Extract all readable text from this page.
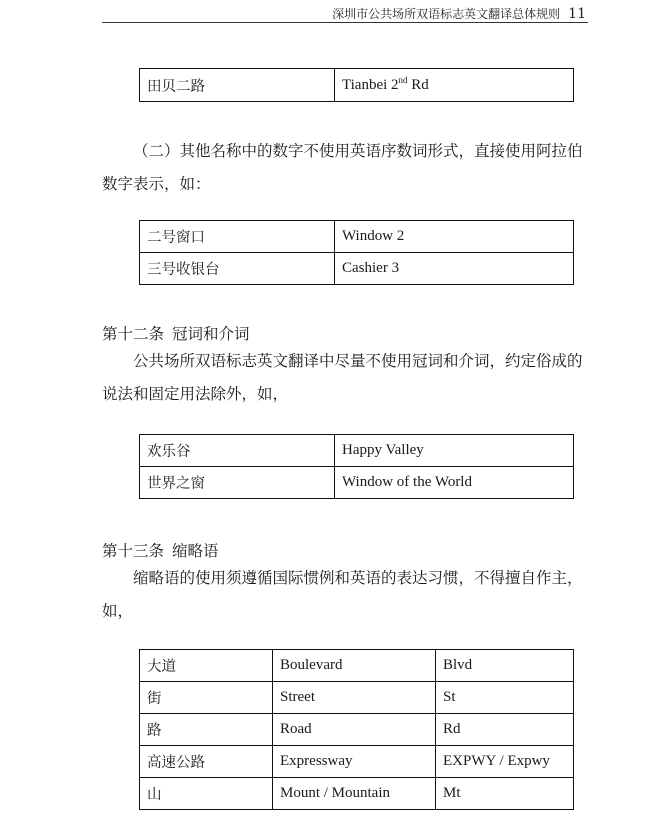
深圳市公共场所双语标志英文翻译总体规则 11
田贝二路	Tianbei 2nd Rd

（二）其他名称中的数字不使用英语序数词形式，直接使用阿拉伯数字表示，如：

二号窗口	Window 2
三号收银台	Cashier 3
第十二条 冠词和介词

公共场所双语标志英文翻译中尽量不使用冠词和介词，约定俗成的说法和固定用法除外，如，

欢乐谷	Happy Valley
世界之窗	Window of the World
第十三条 缩略语

缩略语的使用须遵循国际惯例和英语的表达习惯，不得擅自作主，如，

大道	Boulevard	Blvd
街	Street	St
路	Road	Rd
高速公路	Expressway	EXPWY / Expwy
山	Mount / Mountain	Mt
